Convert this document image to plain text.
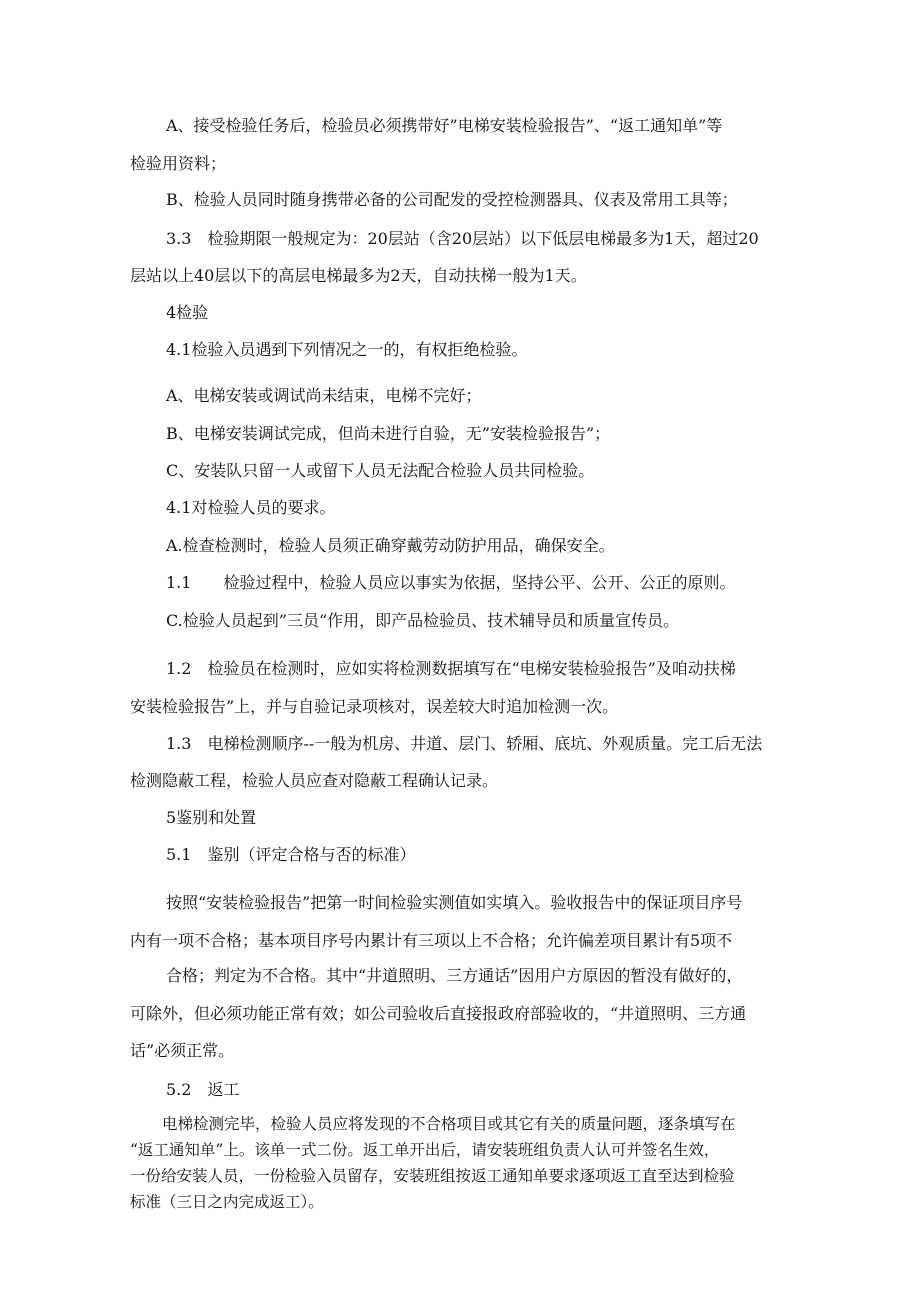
A、接受检验任务后，检验员必须携带好”电梯安装检验报告”、“返工通知单”等

检验用资料；

B、检验人员同时随身携带必备的公司配发的受控检测器具、仪表及常用工具等；

3.3　检验期限一般规定为：20层站（含20层站）以下低层电梯最多为1天，超过20

层站以上40层以下的高层电梯最多为2天，自动扶梯一般为1天。

4检验

4.1检验入员遇到下列情况之一的，有权拒绝检验。

A、电梯安装或调试尚未结束，电梯不完好；

B、电梯安装调试完成，但尚未进行自验，无”安装检验报告”；

C、安装队只留一人或留下人员无法配合检验人员共同检验。

4.1对检验人员的要求。

A.检查检测时，检验人员须正确穿戴劳动防护用品，确保安全。

1.1　　检验过程中，检验人员应以事实为依据，坚持公平、公开、公正的原则。

C.检验人员起到”三员“作用，即产品检验员、技术辅导员和质量宣传员。

1.2　检验员在检测时，应如实将检测数据填写在“电梯安装检验报告”及咱动扶梯

安装检验报告”上，并与自验记录项核对，误差较大时追加检测一次。

1.3　电梯检测顺序--一般为机房、井道、层门、轿厢、底坑、外观质量。完工后无法

检测隐蔽工程，检验人员应查对隐蔽工程确认记录。

5鉴别和处置

5.1　鉴别（评定合格与否的标准）

按照“安装检验报告”把第一时间检验实测值如实填入。验收报告中的保证项目序号

内有一项不合格；基本项目序号内累计有三项以上不合格；允许偏差项目累计有5项不

合格；判定为不合格。其中“井道照明、三方通话”因用户方原因的暂没有做好的，

可除外，但必须功能正常有效；如公司验收后直接报政府部验收的，“井道照明、三方通

话”必须正常。

5.2　返工

电梯检测完毕，检验人员应将发现的不合格项目或其它有关的质量问题，逐条填写在

“返工通知单”上。该单一式二份。返工单开出后，请安装班组负责人认可并签名生效，

一份给安装人员，一份检验入员留存，安装班组按返工通知单要求逐项返工直至达到检验

标准（三日之内完成返工）。
